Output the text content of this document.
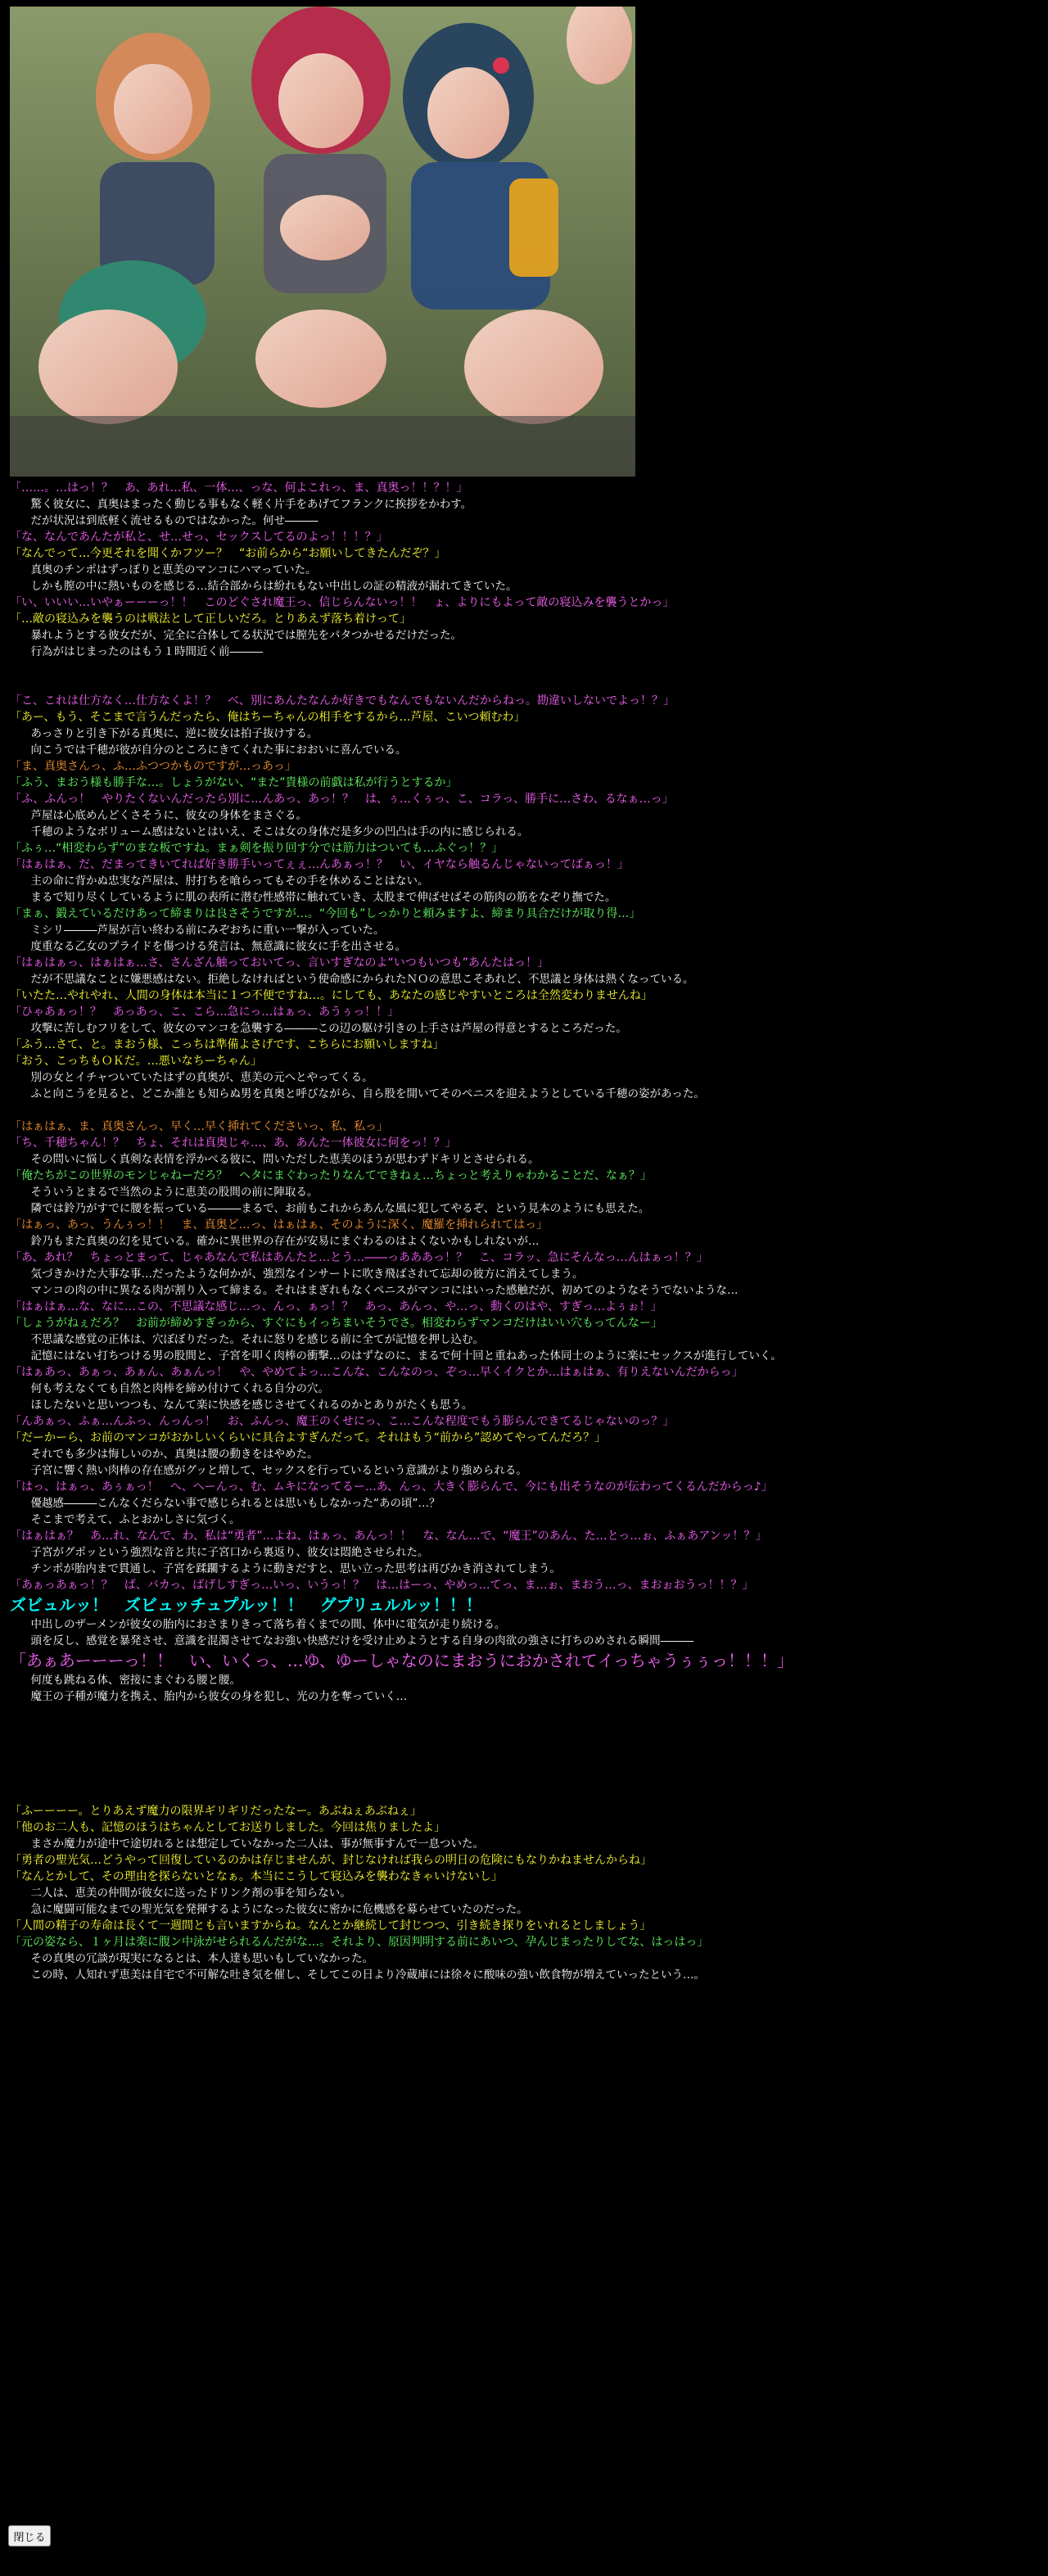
「……。…はっ！？　あ、あれ…私、一体…、っな、何よこれっ、ま、真奥っ！！？！」

　驚く彼女に、真奥はまったく動じる事もなく軽く片手をあげてフランクに挨拶をかわす。

　だが状況は到底軽く流せるものではなかった。何せ―――

「な、なんであんたが私と、せ…せっ、セックスしてるのよっ！！！？」

「なんでって…今更それを聞くかフツー？　“お前らから“お願いしてきたんだぞ？」

　真奥のチンポはずっぽりと恵美のマンコにハマっていた。

　しかも膣の中に熱いものを感じる…結合部からは紛れもない中出しの証の精液が漏れてきていた。

「い、いいい…いやぁーーーっ！！　このどぐされ魔王っ、信じらんないっ！！　ょ、よりにもよって敵の寝込みを襲うとかっ」

「…敵の寝込みを襲うのは戦法として正しいだろ。とりあえず落ち着けって」

　暴れようとする彼女だが、完全に合体してる状況では膣先をパタつかせるだけだった。

　行為がはじまったのはもう１時間近く前―――

「こ、これは仕方なく…仕方なくよ！？　べ、別にあんたなんか好きでもなんでもないんだからねっ。勘違いしないでよっ！？」

「あー、もう、そこまで言うんだったら、俺はちーちゃんの相手をするから…芦屋、こいつ頼むわ」

　あっさりと引き下がる真奥に、逆に彼女は拍子抜けする。

　向こうでは千穂が彼が自分のところにきてくれた事におおいに喜んでいる。

「ま、真奥さんっ、ふ…ふつつかものですが…っあっ」

「ふう、まおう様も勝手な…。しょうがない、“また”貴様の前戯は私が行うとするか」

「ふ、ふんっ！　やりたくないんだったら別に…んあっ、あっ！？　は、ぅ…くぅっ、こ、コラっ、勝手に…さわ、るなぁ…っ」

　芦屋は心底めんどくさそうに、彼女の身体をまさぐる。

　千穂のようなボリューム感はないとはいえ、そこは女の身体だ是多少の凹凸は手の内に感じられる。

「ふぅ…“相変わらず”のまな板ですね。まぁ剣を振り回す分では筋力はついても…ふぐっ！？」

「はぁはぁ、だ、だまってきいてれば好き勝手いってぇぇ…んあぁっ！？　い、イヤなら触るんじゃないってばぁっ！」

　主の命に背かぬ忠実な芦屋は、肘打ちを喰らってもその手を休めることはない。

　まるで知り尽くしているように肌の表所に潜む性感帯に触れていき、太股まで伸ばせばその筋肉の筋をなぞり撫でた。

「まぁ、鍛えているだけあって締まりは良さそうですが…。“今回も”しっかりと頼みますよ、締まり具合だけが取り得…」

　ミシリ―――芦屋が言い終わる前にみぞおちに重い一撃が入っていた。

　度重なる乙女のプライドを傷つける発言は、無意識に彼女に手を出させる。

「はぁはぁっ、はぁはぁ…さ、さんざん触っておいてっ、言いすぎなのよ“いつもいつも”あんたはっ！」

　だが不思議なことに嫌悪感はない。拒絶しなければという使命感にかられたＮＯの意思こそあれど、不思議と身体は熱くなっている。

「いたた…やれやれ、人間の身体は本当に１つ不便ですね…。にしても、あなたの感じやすいところは全然変わりませんね」

「ひゃあぁっ！？　あっあっ、こ、こら…急にっ…はぁっ、あうぅっ！！」

　攻撃に苦しむフリをして、彼女のマンコを急襲する―――この辺の駆け引きの上手さは芦屋の得意とするところだった。

「ふう…さて、と。まおう様、こっちは準備よさげです、こちらにお願いしますね」

「おう、こっちもＯＫだ。…悪いなちーちゃん」

　別の女とイチャついていたはずの真奥が、恵美の元へとやってくる。

　ふと向こうを見ると、どこか誰とも知らぬ男を真奥と呼びながら、自ら股を開いてそのペニスを迎えようとしている千穂の姿があった。

「はぁはぁ、ま、真奥さんっ、早く…早く挿れてくださいっ、私、私っ」

「ち、千穂ちゃん！？　ちょ、それは真奥じゃ…、あ、あんた一体彼女に何をっ！？」

　その問いに悩しく真剣な表情を浮かべる彼に、問いただした恵美のほうが思わずドキリとさせられる。

「俺たちがこの世界のモンじゃねーだろ？　ヘタにまぐわったりなんてできねぇ…ちょっと考えりゃわかることだ、なぁ？」

　そういうとまるで当然のように恵美の股間の前に陣取る。

　隣では鈴乃がすでに腰を振っている―――まるで、お前もこれからあんな風に犯してやるぞ、という見本のようにも思えた。

「はぁっ、あっ、うんぅっ！！　ま、真奥ど…っ、はぁはぁ、そのように深く、魔羅を挿れられてはっ」

　鈴乃もまた真奥の幻を見ている。確かに異世界の存在が安易にまぐわるのはよくないかもしれないが…

「あ、あれ？　ちょっとまって、じゃあなんで私はあんたと…とう…――っあああっ！？　こ、コラッ、急にそんなっ…んはぁっ！？」

　気づきかけた大事な事…だったような何かが、強烈なインサートに吹き飛ばされて忘却の彼方に消えてしまう。

　マンコの肉の中に異なる肉が割り入って締まる。それはまぎれもなくペニスがマンコにはいった感触だが、初めてのようなそうでないような…

「はぁはぁ…な、なに…この、不思議な感じ…っ、んっ、ぁっ！？　あっ、あんっ、や…っ、動くのはや、すぎっ…よぅぉ！」

「しょうがねぇだろ？　お前が締めすぎっから、すぐにもイっちまいそうでさ。相変わらずマンコだけはいい穴もってんなー」

　不思議な感覚の正体は、穴ぼぼりだった。それに怒りを感じる前に全てが記憶を押し込む。

　記憶にはない打ちつける男の股間と、子宮を叩く肉棒の衝撃…のはずなのに、まるで何十回と重ねあった体同士のように楽にセックスが進行していく。

「はぁあっ、あぁっ、あぁん、あぁんっ！　や、やめてよっ…こんな、こんなのっ、ぞっ…早くイクとか…はぁはぁ、有りえないんだからっ」

　何も考えなくても自然と肉棒を締め付けてくれる自分の穴。

　ほしたないと思いつつも、なんて楽に快感を感じさせてくれるのかとありがたくも思う。

「んあぁっ、ふぁ…んふっ、んっんっ！　お、ふんっ、魔王のくせにっ、こ…こんな程度でもう膨らんできてるじゃないのっ？」

「だーかーら、お前のマンコがおかしいくらいに具合よすぎんだって。それはもう“前から”認めてやってんだろ？」

　それでも多少は悔しいのか、真奥は腰の動きをはやめた。

　子宮に響く熱い肉棒の存在感がグッと増して、セックスを行っているという意識がより強められる。

「はっ、はぁっ、あぅぁっ！　へ、へーんっ、む、ムキになってるー…あ、んっ、大きく膨らんで、今にも出そうなのが伝わってくるんだからっ♪」

　優越感―――こんなくだらない事で感じられるとは思いもしなかった“あの頃”…？

　そこまで考えて、ふとおかしさに気づく。

「はぁはぁ？　あ…れ、なんで、わ、私は“勇者”…よね、はぁっ、あんっ！！　な、なん…で、“魔王”のあん、た…とっ…ぉ、ふぁあアンッ！？」

　子宮がグポッという強烈な音と共に子宮口から裏返り、彼女は悶絶させられた。

　チンポが胎内まで貫通し、子宮を蹂躙するように動きだすと、思い立った思考は再びかき消されてしまう。

「あぁっあぁっ！？　ぱ、バカっ、ばげしすぎっ…いっ、いうっ！？　は…はーっ、やめっ…てっ、ま…ぉ、まおう…っ、まおぉおうっ！！？」

ズビュルッ！　ズビュッチュプルッ！！　グプリュルルッ！！！

　中出しのザーメンが彼女の胎内におさまりきって落ち着くまでの間、体中に電気が走り続ける。

　頭を反し、感覚を暴発させ、意識を混濁させてなお強い快感だけを受け止めようとする自身の肉欲の強さに打ちのめされる瞬間―――

「あぁあーーーっ！！　い、いくっ、…ゆ、ゆーしゃなのにまおうにおかされてイっちゃうぅぅっ！！！」

　何度も跳ねる体、密接にまぐわる腰と腰。

　魔王の子種が魔力を携え、胎内から彼女の身を犯し、光の力を奪っていく…

「ふーーーー。とりあえず魔力の限界ギリギリだったなー。あぶねぇあぶねぇ」

「他のお二人も、記憶のほうはちゃんとしてお送りしました。今回は焦りましたよ」

　まさか魔力が途中で途切れるとは想定していなかった二人は、事が無事すんで一息ついた。

「勇者の聖光気…どうやって回復しているのかは存じませんが、封じなければ我らの明日の危険にもなりかねませんからね」

「なんとかして、その理由を探らないとなぁ。本当にこうして寝込みを襲わなきゃいけないし」

　二人は、恵美の仲間が彼女に送ったドリンク剤の事を知らない。

　急に魔闘可能なまでの聖光気を発揮するようになった彼女に密かに危機感を募らせていたのだった。

「人間の精子の寿命は長くて一週間とも言いますからね。なんとか継続して封じつつ、引き続き探りをいれるとしましょう」

「元の姿なら、１ヶ月は楽に腹ン中泳がせられるんだがな…。それより、原因判明する前にあいつ、孕んじまったりしてな、はっはっ」

　その真奥の冗談が現実になるとは、本人達も思いもしていなかった。

　この時、人知れず恵美は自宅で不可解な吐き気を催し、そしてこの日より冷蔵庫には徐々に酸味の強い飲食物が増えていったという…。

閉じる
